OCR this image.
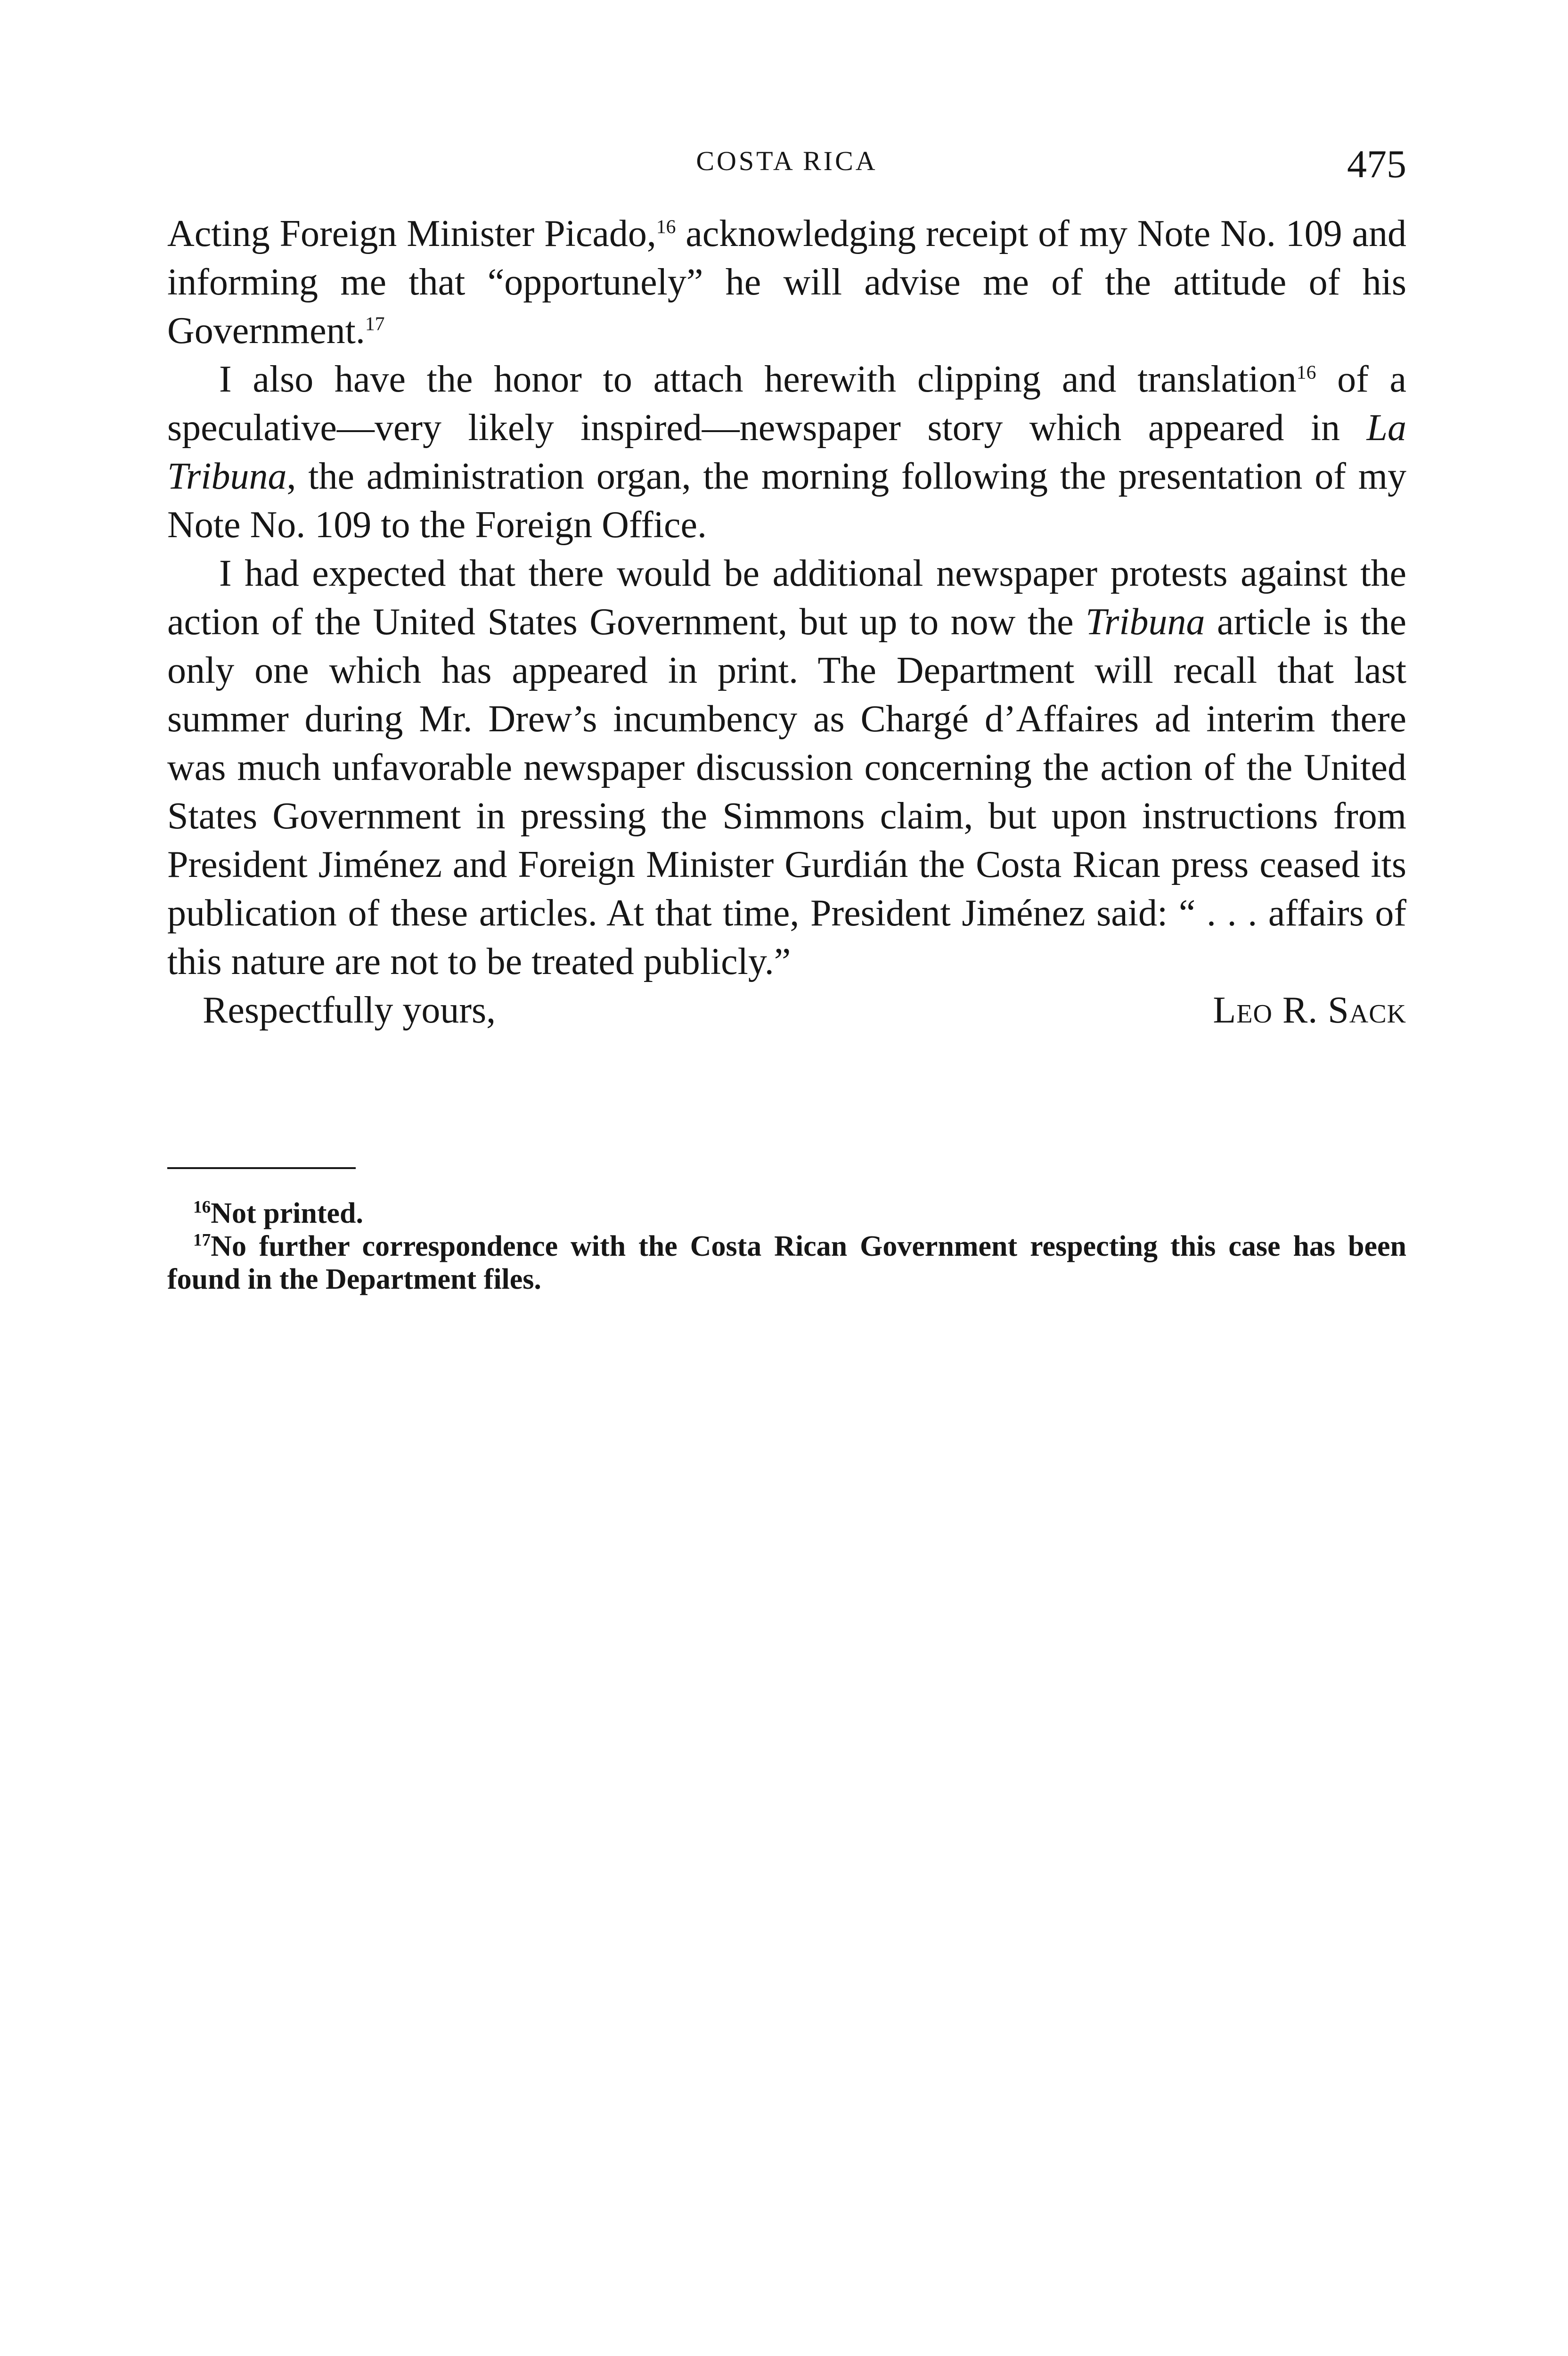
COSTA RICA	475

Acting Foreign Minister Picado,$^{16}$ acknowledging receipt of my Note No. 109 and informing me that “opportunely” he will advise me of the attitude of his Government.$^{17}$

I also have the honor to attach herewith clipping and translation$^{16}$ of a speculative—very likely inspired—newspaper story which appeared in La Tribuna, the administration organ, the morning following the presentation of my Note No. 109 to the Foreign Office.

I had expected that there would be additional newspaper protests against the action of the United States Government, but up to now the Tribuna article is the only one which has appeared in print. The Department will recall that last summer during Mr. Drew’s incumbency as Chargé d’Affaires ad interim there was much unfavorable newspaper discussion concerning the action of the United States Government in pressing the Simmons claim, but upon instructions from President Jiménez and Foreign Minister Gurdián the Costa Rican press ceased its publication of these articles. At that time, President Jiménez said: “ . . . affairs of this nature are not to be treated publicly.”

Respectfully yours,	Leo R. Sack

$^{16}$Not printed.

$^{17}$No further correspondence with the Costa Rican Government respecting this case has been found in the Department files.
